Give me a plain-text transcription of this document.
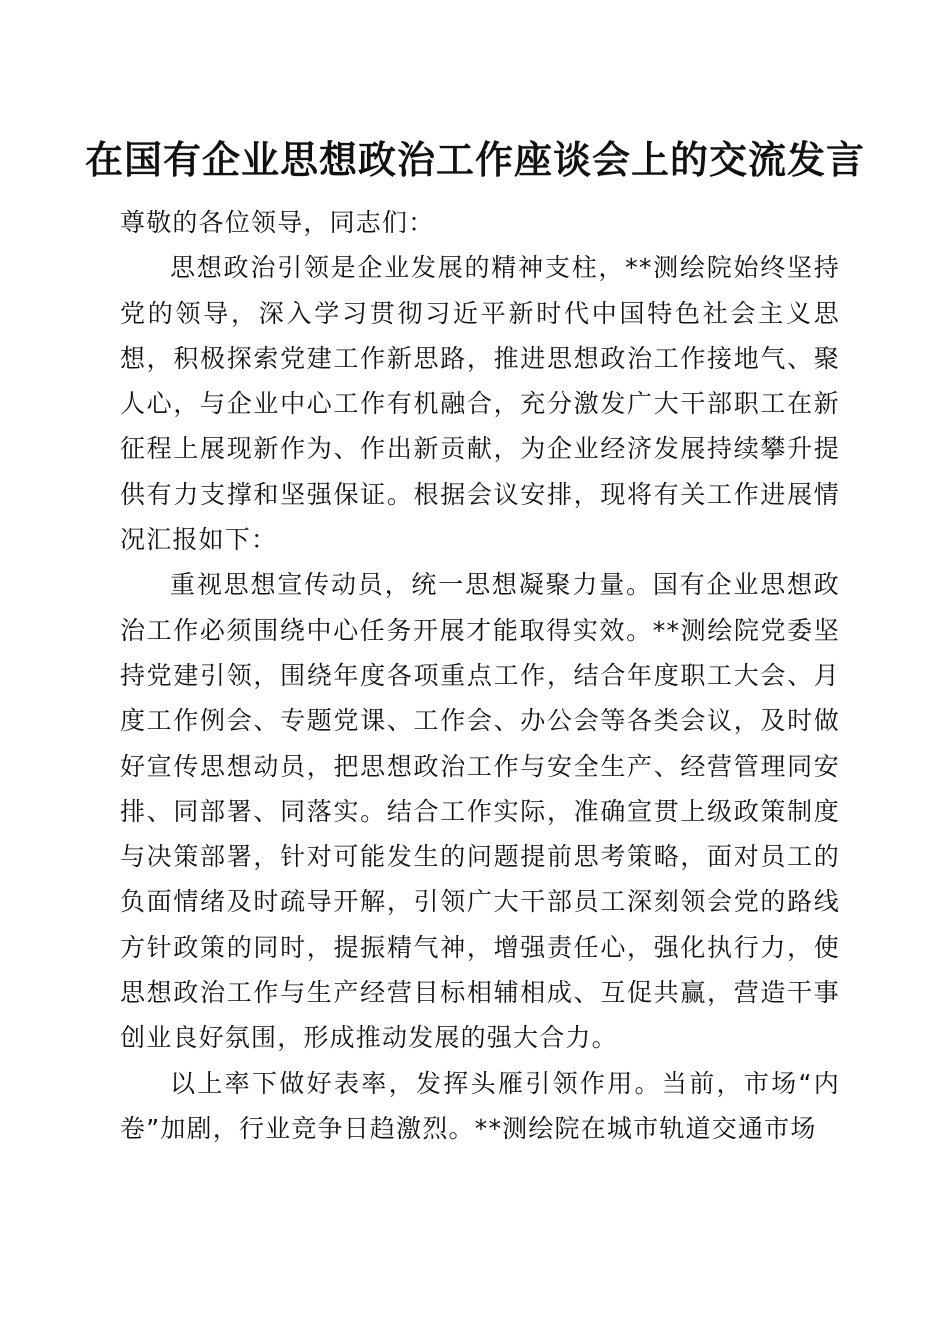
在国有企业思想政治工作座谈会上的交流发言

尊敬的各位领导，同志们：

思想政治引领是企业发展的精神支柱，**测绘院始终坚持党的领导，深入学习贯彻习近平新时代中国特色社会主义思想，积极探索党建工作新思路，推进思想政治工作接地气、聚人心，与企业中心工作有机融合，充分激发广大干部职工在新征程上展现新作为、作出新贡献，为企业经济发展持续攀升提供有力支撑和坚强保证。根据会议安排，现将有关工作进展情况汇报如下：

重视思想宣传动员，统一思想凝聚力量。国有企业思想政治工作必须围绕中心任务开展才能取得实效。**测绘院党委坚持党建引领，围绕年度各项重点工作，结合年度职工大会、月度工作例会、专题党课、工作会、办公会等各类会议，及时做好宣传思想动员，把思想政治工作与安全生产、经营管理同安排、同部署、同落实。结合工作实际，准确宣贯上级政策制度与决策部署，针对可能发生的问题提前思考策略，面对员工的负面情绪及时疏导开解，引领广大干部员工深刻领会党的路线方针政策的同时，提振精气神，增强责任心，强化执行力，使思想政治工作与生产经营目标相辅相成、互促共赢，营造干事创业良好氛围，形成推动发展的强大合力。

以上率下做好表率，发挥头雁引领作用。当前，市场“内卷”加剧，行业竞争日趋激烈。**测绘院在城市轨道交通市场
